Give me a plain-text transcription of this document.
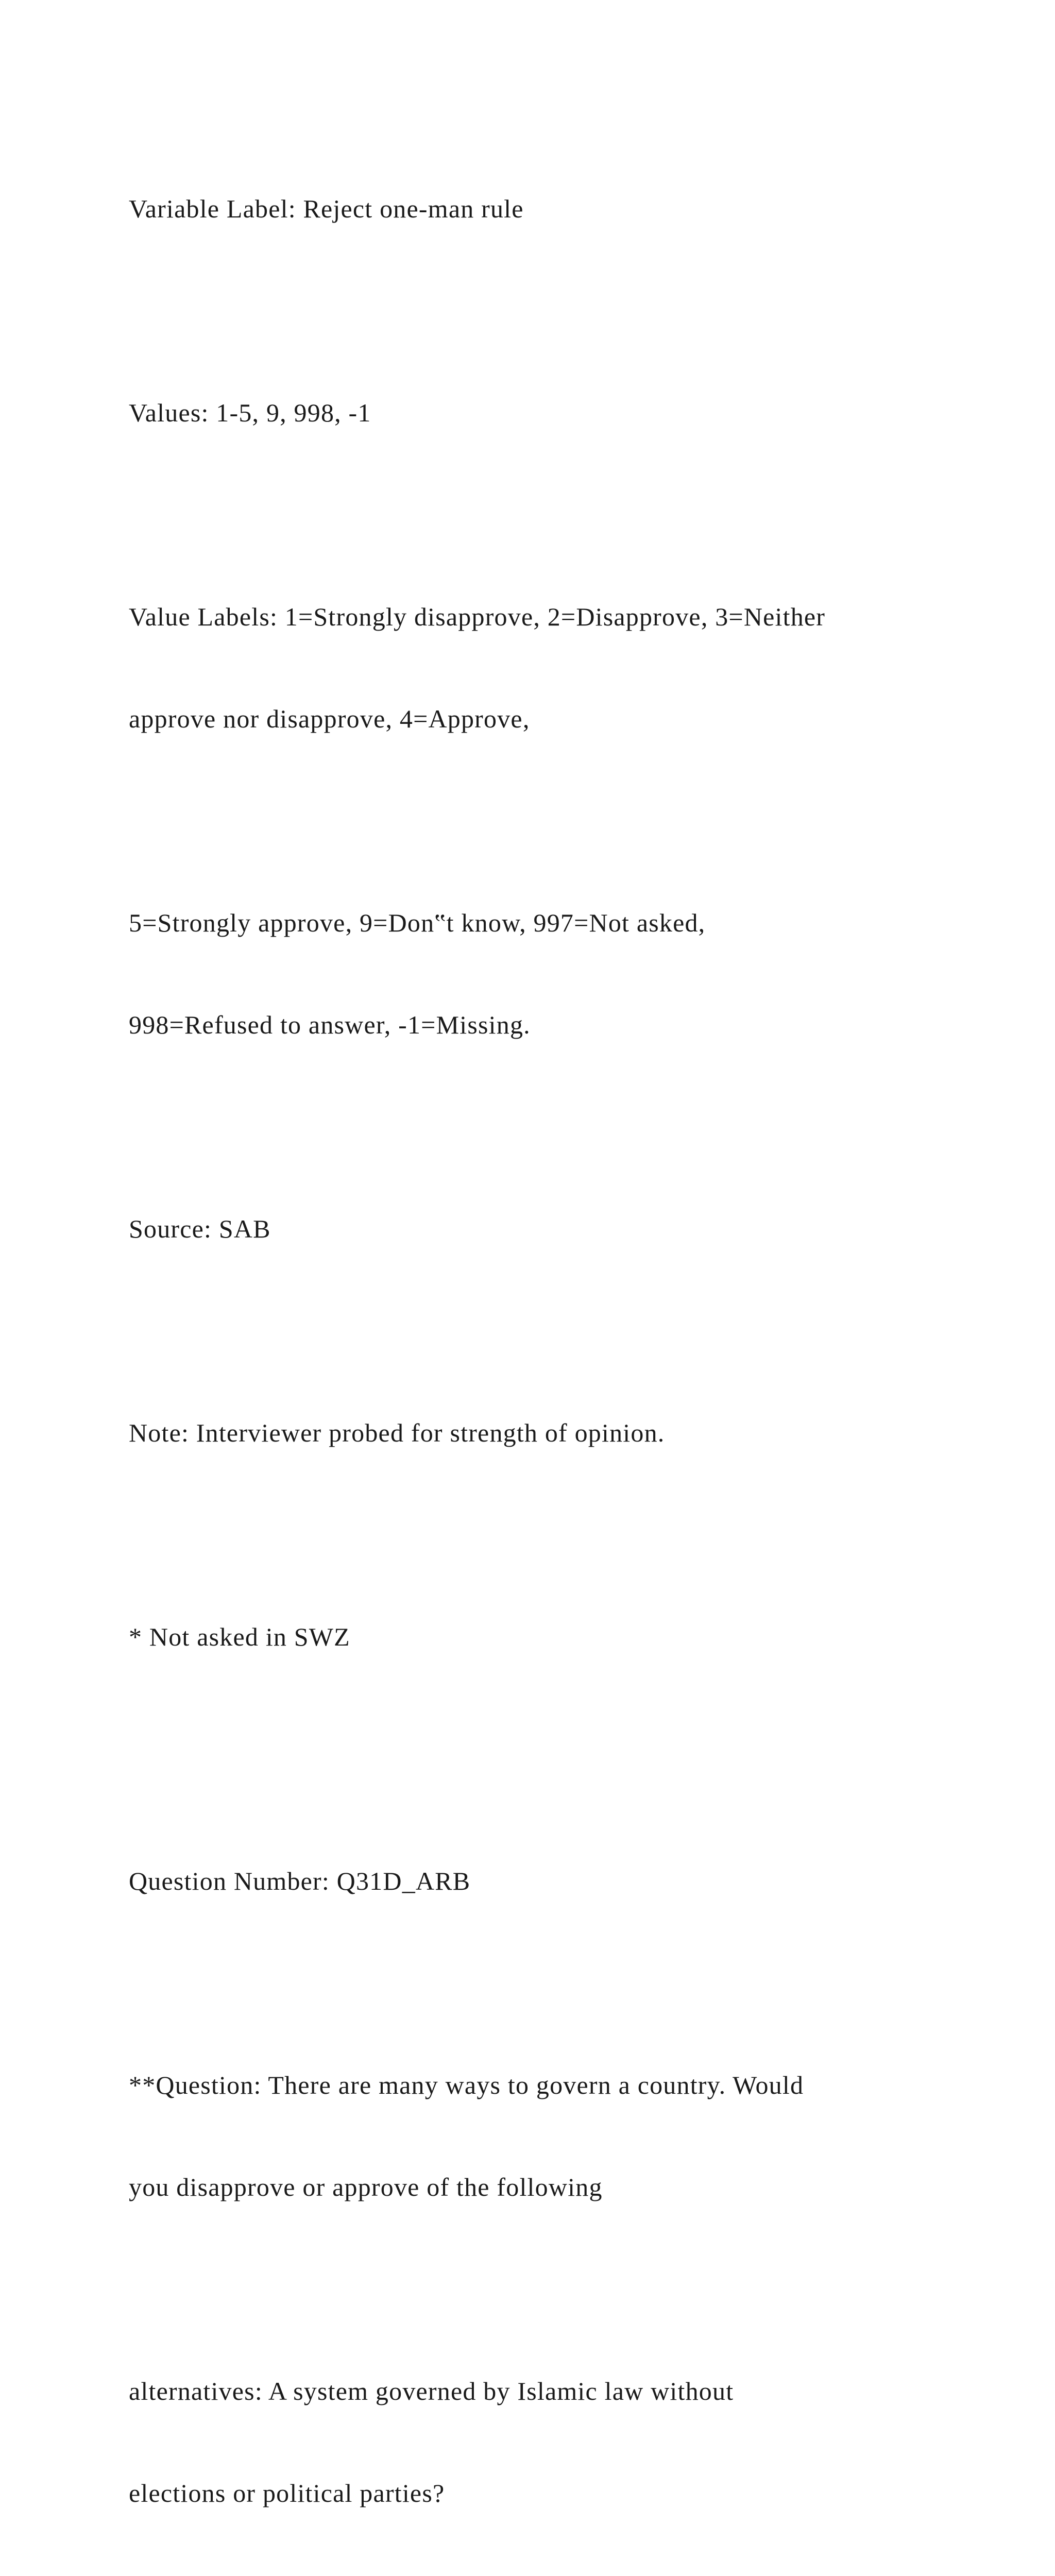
Variable Label: Reject one-man rule

Values: 1-5, 9, 998, -1

Value Labels: 1=Strongly disapprove, 2=Disapprove, 3=Neither

approve nor disapprove, 4=Approve,

5=Strongly approve, 9=Don‟t know, 997=Not asked,

998=Refused to answer, -1=Missing.

Source: SAB

Note: Interviewer probed for strength of opinion.

* Not asked in SWZ

Question Number: Q31D_ARB

**Question: There are many ways to govern a country. Would

you disapprove or approve of the following

alternatives: A system governed by Islamic law without

elections or political parties?
